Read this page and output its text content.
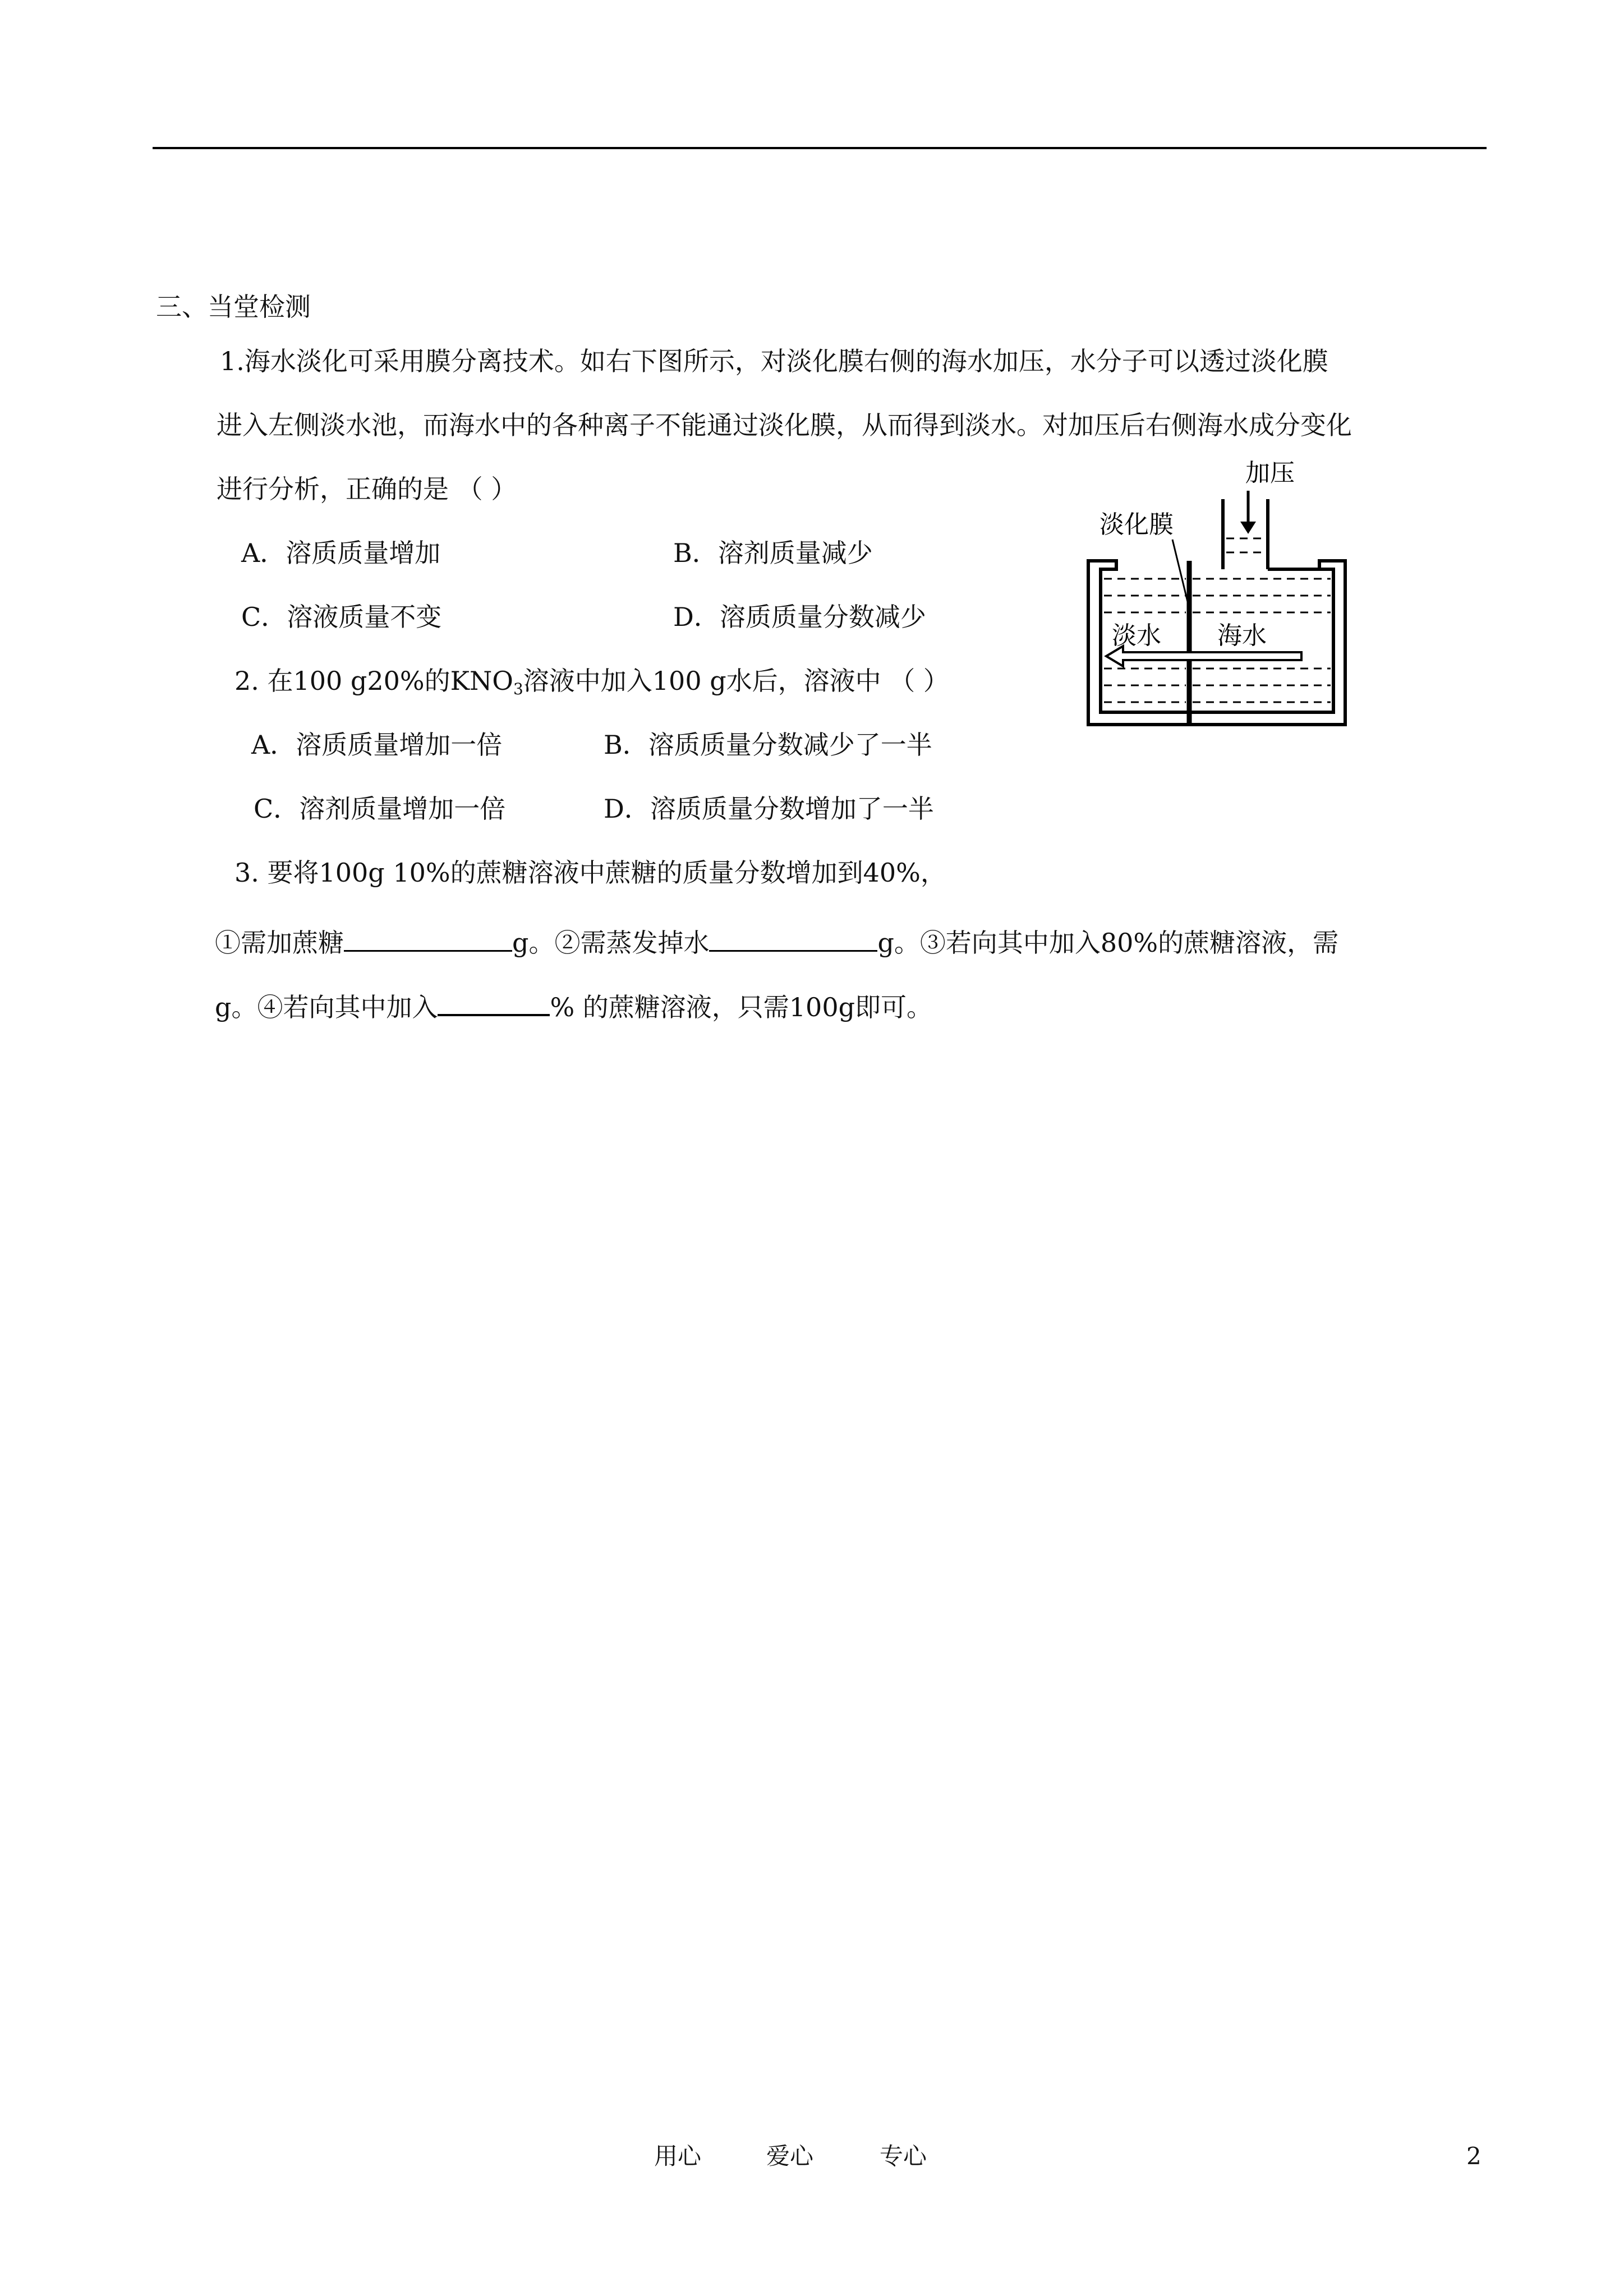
三、当堂检测
1.海水淡化可采用膜分离技术。如右下图所示，对淡化膜右侧的海水加压，水分子可以透过淡化膜
进入左侧淡水池，而海水中的各种离子不能通过淡化膜，从而得到淡水。对加压后右侧海水成分变化
进行分析，正确的是 （ ）
A．溶质质量增加	B．溶剂质量减少
C．溶液质量不变	D．溶质质量分数减少
2. 在100 g20%的$KNO_3$溶液中加入100 g水后，溶液中 （ ）
A．溶质质量增加一倍	B．溶质质量分数减少了一半
C．溶剂质量增加一倍	D．溶质质量分数增加了一半
3. 要将100g 10%的蔗糖溶液中蔗糖的质量分数增加到40%，
①需加蔗糖	g。②需蒸发掉水	g。③若向其中加入80%的蔗糖溶液，需
g。④若向其中加入	% 的蔗糖溶液，只需100g即可。
加压
淡化膜
淡水 海水
用心	爱心	专心	2
